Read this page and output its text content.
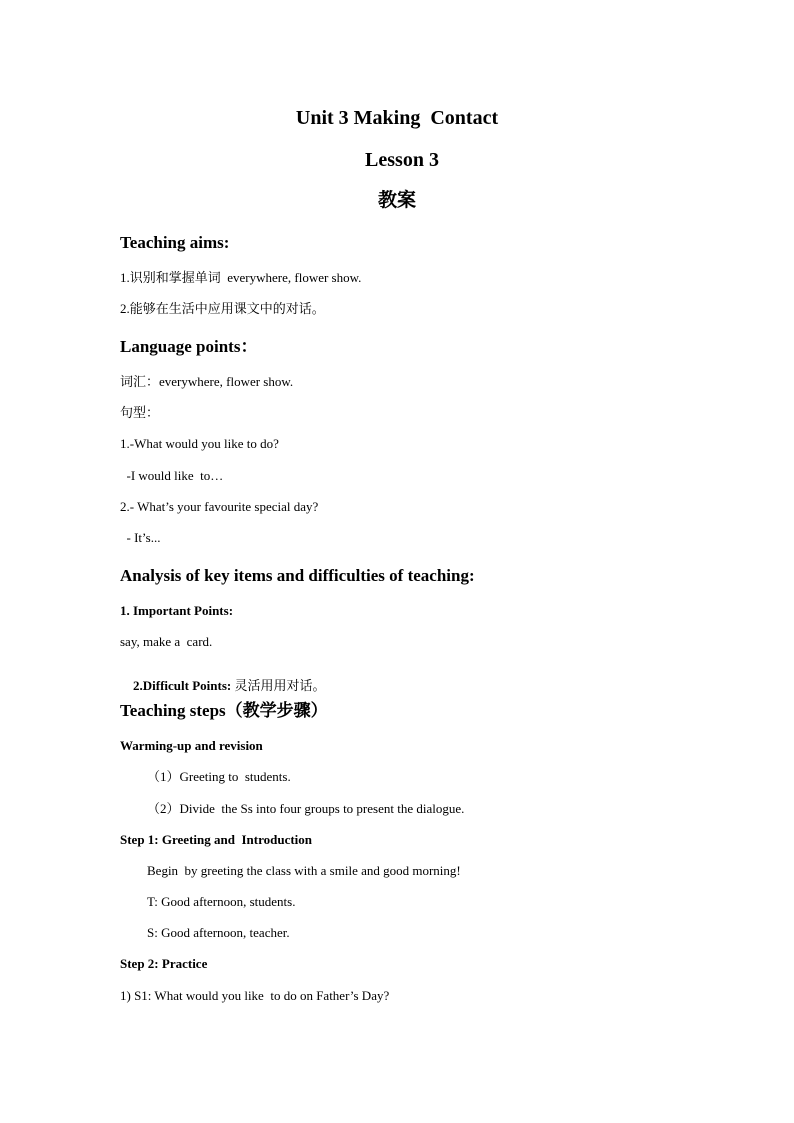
Unit 3 Making  Contact
Lesson 3
教案
Teaching aims:
1.识别和掌握单词  everywhere, flower show.
2.能够在生活中应用课文中的对话。
Language points：
词汇：everywhere, flower show.
句型：
1.-What would you like to do?
-I would like  to…
2.- What’s your favourite special day?
- It’s...
Analysis of key items and difficulties of teaching:
1. Important Points:
say, make a  card.

2.Difficult Points: 灵活用用对话。

Teaching steps（教学步骤）
Warming-up and revision
（1）Greeting to  students.
（2）Divide  the Ss into four groups to present the dialogue.
Step 1: Greeting and  Introduction
Begin  by greeting the class with a smile and good morning!
T: Good afternoon, students.
S: Good afternoon, teacher.
Step 2: Practice
1) S1: What would you like  to do on Father’s Day?
